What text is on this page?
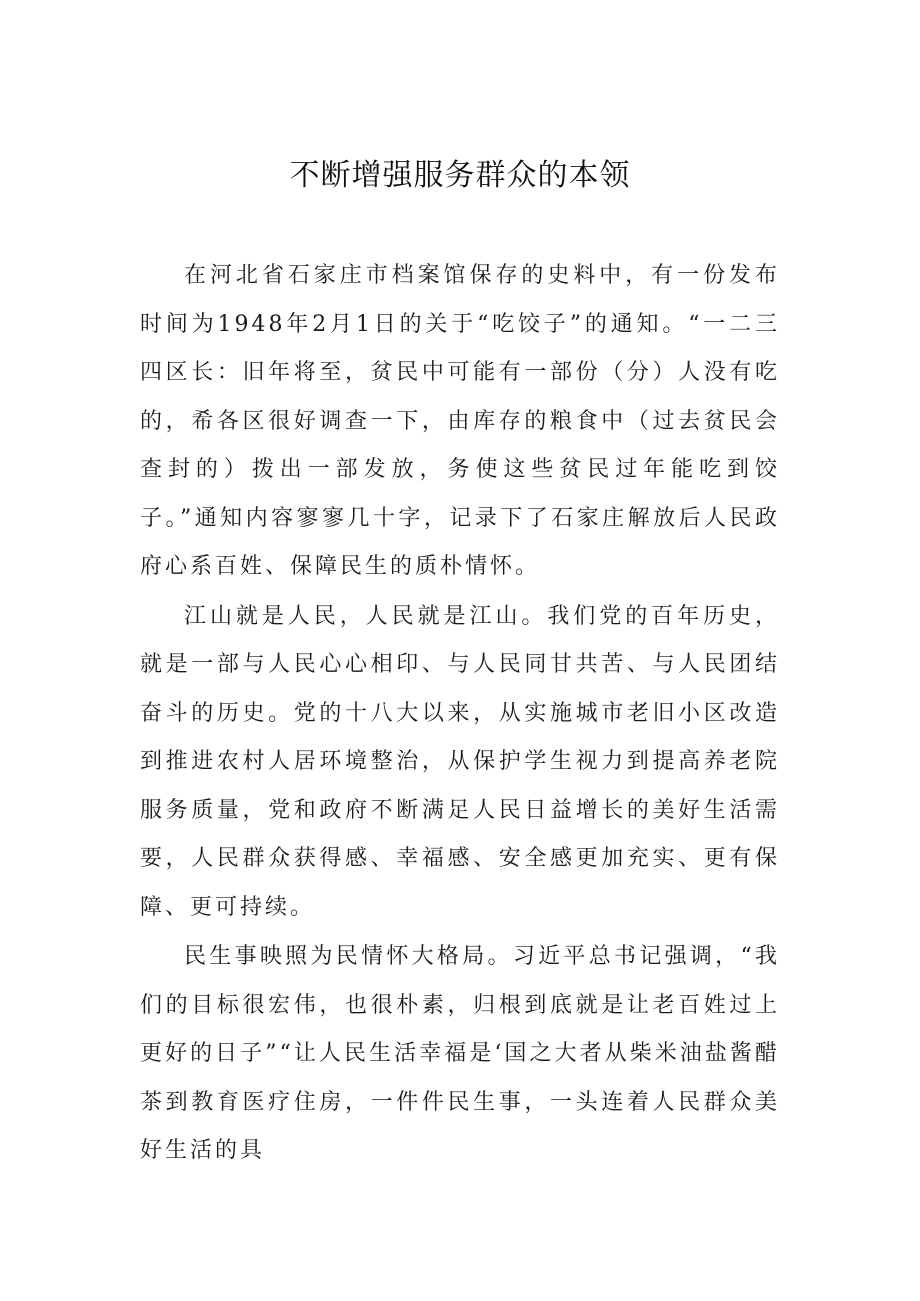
不断增强服务群众的本领

在河北省石家庄市档案馆保存的史料中，有一份发布时间为1948年2月1日的关于“吃饺子”的通知。“一二三四区长：旧年将至，贫民中可能有一部份（分）人没有吃的，希各区很好调查一下，由库存的粮食中（过去贫民会查封的）拨出一部发放，务使这些贫民过年能吃到饺子。”通知内容寥寥几十字，记录下了石家庄解放后人民政府心系百姓、保障民生的质朴情怀。

江山就是人民，人民就是江山。我们党的百年历史，就是一部与人民心心相印、与人民同甘共苦、与人民团结奋斗的历史。党的十八大以来，从实施城市老旧小区改造到推进农村人居环境整治，从保护学生视力到提高养老院服务质量，党和政府不断满足人民日益增长的美好生活需要，人民群众获得感、幸福感、安全感更加充实、更有保障、更可持续。

民生事映照为民情怀大格局。习近平总书记强调，“我们的目标很宏伟，也很朴素，归根到底就是让老百姓过上更好的日子”“让人民生活幸福是‘国之大者从柴米油盐酱醋茶到教育医疗住房，一件件民生事，一头连着人民群众美好生活的具
